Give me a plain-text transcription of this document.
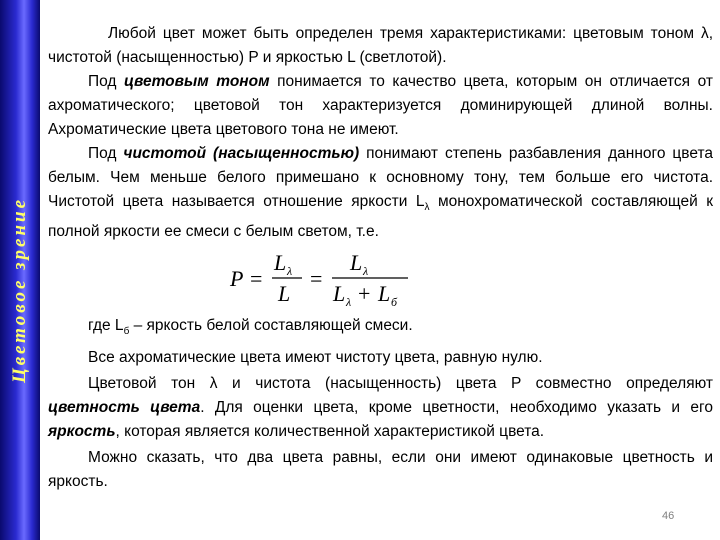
Цветовое зрение

Любой цвет может быть определен тремя характеристиками: цветовым тоном λ, чистотой (насыщенностью) P и яркостью L (светлотой).

Под цветовым тоном понимается то качество цвета, которым он отличается от ахроматического; цветовой тон характеризуется доминирующей длиной волны. Ахроматические цвета цветового тона не имеют.

Под чистотой (насыщенностью) понимают степень разбавления данного цвета белым. Чем меньше белого примешано к основному тону, тем больше его чистота. Чистотой цвета называется отношение яркости $L_\lambda$ монохроматической составляющей к полной яркости ее смеси с белым светом, т.е.

P =
L λ
L
=
L λ
L λ + L б

где $L_б$ – яркость белой составляющей смеси.

Все ахроматические цвета имеют чистоту цвета, равную нулю.

Цветовой тон λ и чистота (насыщенность) цвета P совместно определяют цветность цвета. Для оценки цвета, кроме цветности, необходимо указать и его яркость, которая является количественной характеристикой цвета.

Можно сказать, что два цвета равны, если они имеют одинаковые цветность и яркость.

46
